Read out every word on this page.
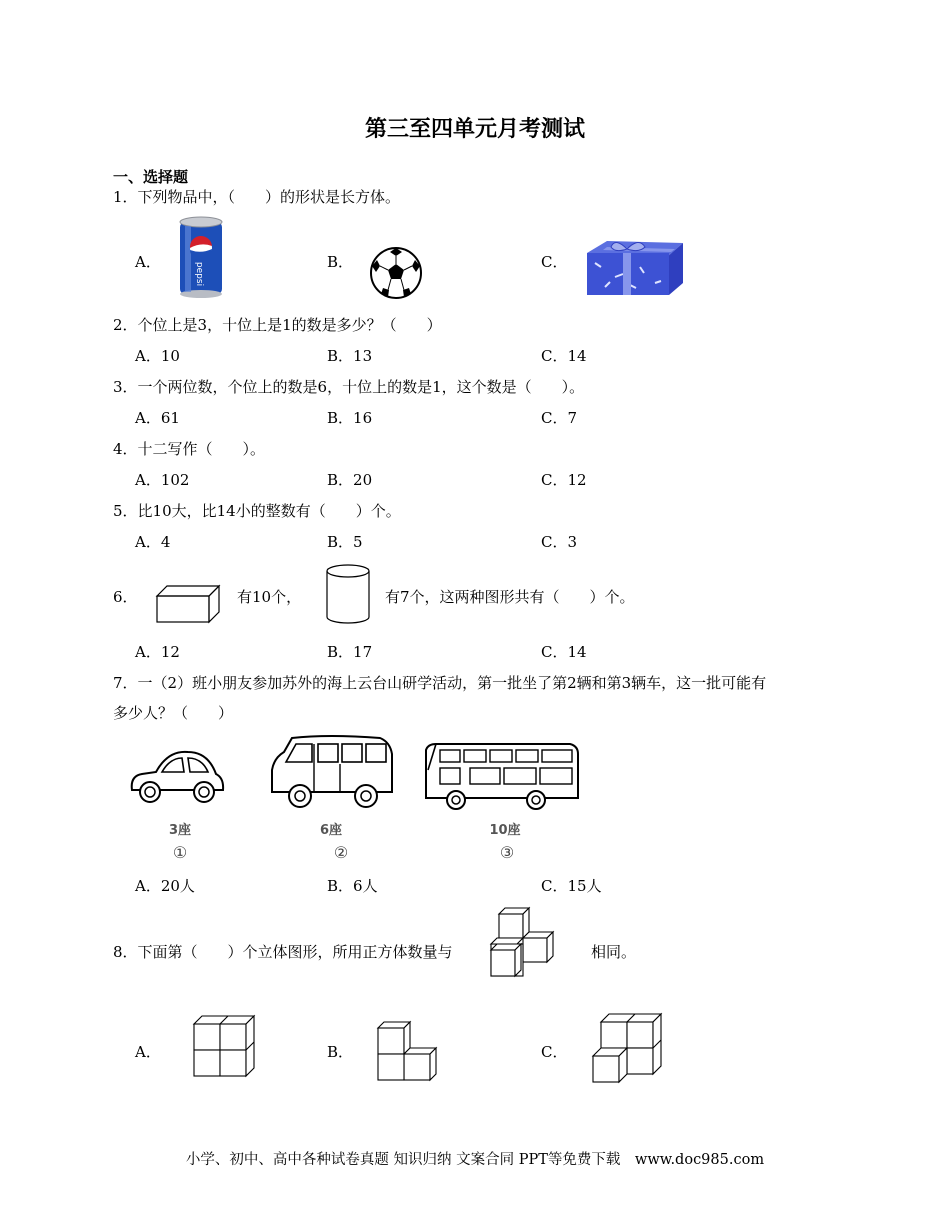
第三至四单元月考测试
一、选择题
1．下列物品中，（　　）的形状是长方体。
A．	pepsi	B．	C．
2．个位上是3，十位上是1的数是多少？（　　）
A．10	B．13	C．14
3．一个两位数，个位上的数是6，十位上的数是1，这个数是（　　）。
A．61	B．16	C．7
4．十二写作（　　）。
A．102	B．20	C．12
5．比10大，比14小的整数有（　　）个。
A．4	B．5	C．3
6．	有10个，	有7个，这两种图形共有（　　）个。
A．12	B．17	C．14
7．一（2）班小朋友参加苏外的海上云台山研学活动，第一批坐了第2辆和第3辆车，这一批可能有
多少人？（　　）
3座
①
6座
②
10座
③
A．20人	B．6人	C．15人
8．下面第（　　）个立体图形，所用正方体数量与	相同。
A．	B．	C．
小学、初中、高中各种试卷真题 知识归纳 文案合同 PPT等免费下载　www.doc985.com
